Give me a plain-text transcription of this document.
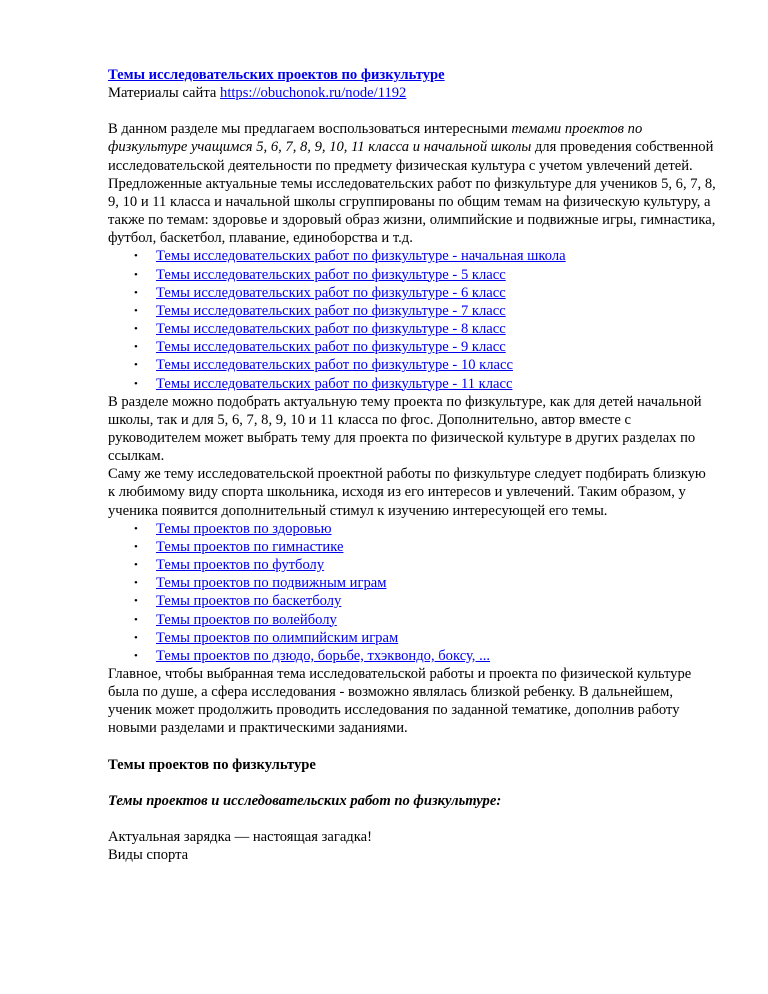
Темы исследовательских проектов по физкультуре

Материалы сайта https://obuchonok.ru/node/1192

В данном разделе мы предлагаем воспользоваться интересными темами проектов по физкультуре учащимся 5, 6, 7, 8, 9, 10, 11 класса и начальной школы для проведения собственной исследовательской деятельности по предмету физическая культура с учетом увлечений детей.

Предложенные актуальные темы исследовательских работ по физкультуре для учеников 5, 6, 7, 8, 9, 10 и 11 класса и начальной школы сгруппированы по общим темам на физическую культуру, а также по темам: здоровье и здоровый образ жизни, олимпийские и подвижные игры, гимнастика, футбол, баскетбол, плавание, единоборства и т.д.

• Темы исследовательских работ по физкультуре - начальная школа
• Темы исследовательских работ по физкультуре - 5 класс
• Темы исследовательских работ по физкультуре - 6 класс
• Темы исследовательских работ по физкультуре - 7 класс
• Темы исследовательских работ по физкультуре - 8 класс
• Темы исследовательских работ по физкультуре - 9 класс
• Темы исследовательских работ по физкультуре - 10 класс
• Темы исследовательских работ по физкультуре - 11 класс

В разделе можно подобрать актуальную тему проекта по физкультуре, как для детей начальной школы, так и для 5, 6, 7, 8, 9, 10 и 11 класса по фгос. Дополнительно, автор вместе с руководителем может выбрать тему для проекта по физической культуре в других разделах по ссылкам.

Саму же тему исследовательской проектной работы по физкультуре следует подбирать близкую к любимому виду спорта школьника, исходя из его интересов и увлечений. Таким образом, у ученика появится дополнительный стимул к изучению интересующей его темы.

• Темы проектов по здоровью
• Темы проектов по гимнастике
• Темы проектов по футболу
• Темы проектов по подвижным играм
• Темы проектов по баскетболу
• Темы проектов по волейболу
• Темы проектов по олимпийским играм
• Темы проектов по дзюдо, борьбе, тхэквондо, боксу, ...

Главное, чтобы выбранная тема исследовательской работы и проекта по физической культуре была по душе, а сфера исследования - возможно являлась близкой ребенку. В дальнейшем, ученик может продолжить проводить исследования по заданной тематике, дополнив работу новыми разделами и практическими заданиями.

Темы проектов по физкультуре

Темы проектов и исследовательских работ по физкультуре:

Актуальная зарядка — настоящая загадка!

Виды спорта
